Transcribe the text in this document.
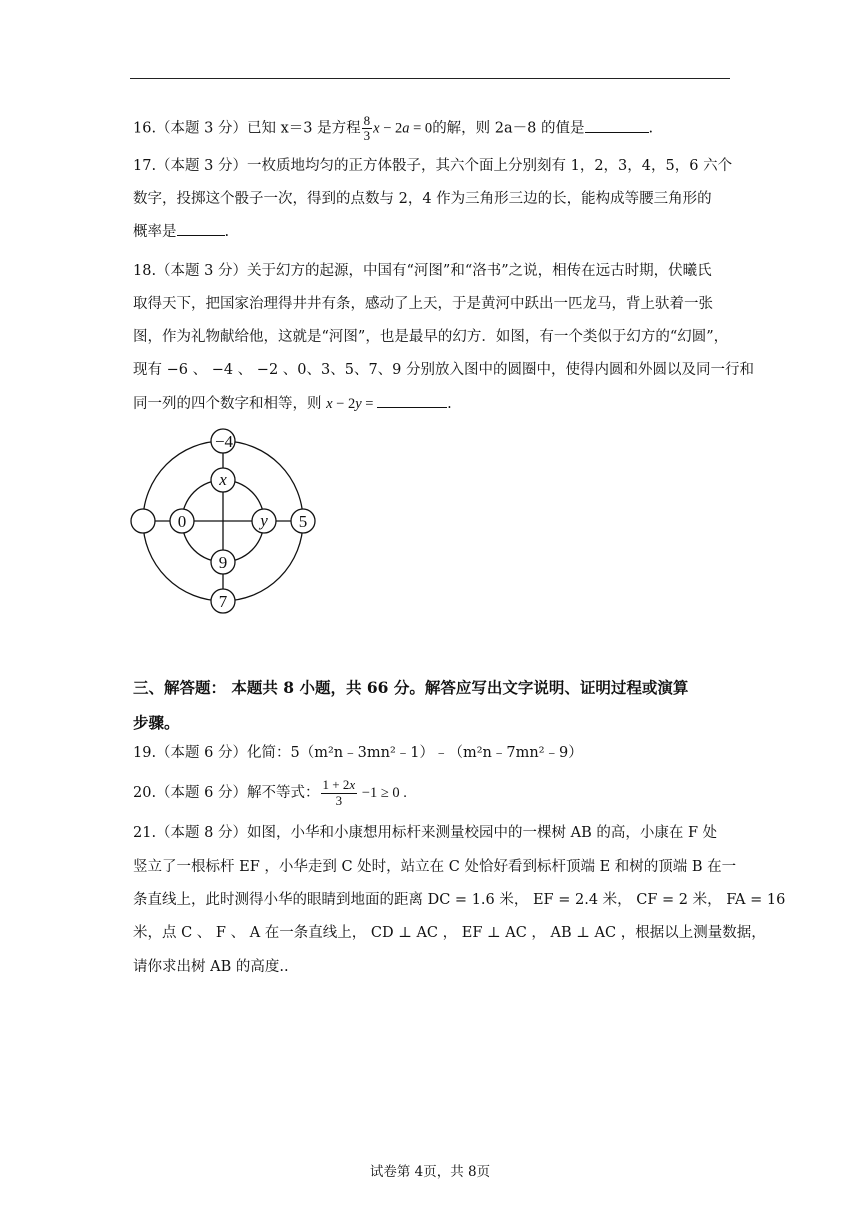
16.（本题 3 分）已知 x＝3 是方程 $\frac{8}{3}$ x − 2a = 0的解，则 2a－8 的值是	.
17.（本题 3 分）一枚质地均匀的正方体骰子，其六个面上分别刻有 1，2，3，4，5，6 六个
数字，投掷这个骰子一次，得到的点数与 2，4 作为三角形三边的长，能构成等腰三角形的
概率是	.
18.（本题 3 分）关于幻方的起源，中国有“河图”和“洛书”之说，相传在远古时期，伏曦氏
取得天下，把国家治理得井井有条，感动了上天，于是黄河中跃出一匹龙马，背上驮着一张
图，作为礼物献给他，这就是“河图”，也是最早的幻方．如图，有一个类似于幻方的“幻圆”，
现有 −6 、 −4 、 −2 、0、3、5、7、9 分别放入图中的圆圈中，使得内圆和外圆以及同一行和
同一列的四个数字和相等，则 x − 2y =	.
−4
x
0	y 5
9
7
三、解答题： 本题共 8 小题，共 66 分。解答应写出文字说明、证明过程或演算
步骤。
19.（本题 6 分）化简：5（m²n﹣3mn²﹣1）﹣（m²n﹣7mn²﹣9）
20.（本题 6 分）解不等式： $\frac{1 + 2x}{3} -1 \ge 0$ .
21.（本题 8 分）如图，小华和小康想用标杆来测量校园中的一棵树 AB 的高，小康在 F 处
竖立了一根标杆 EF ，小华走到 C 处时，站立在 C 处恰好看到标杆顶端 E 和树的顶端 B 在一
条直线上，此时测得小华的眼睛到地面的距离 DC = 1.6 米， EF = 2.4 米， CF = 2 米， FA = 16
米，点 C 、 F 、 A 在一条直线上， CD ⊥ AC ， EF ⊥ AC ， AB ⊥ AC ，根据以上测量数据，
请你求出树 AB 的高度..
试卷第 4页，共 8页
